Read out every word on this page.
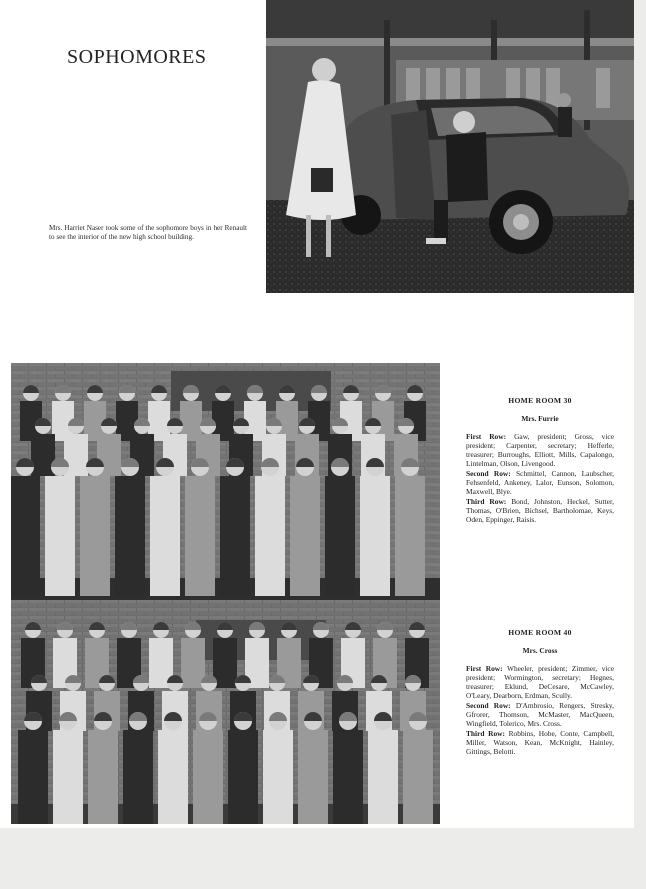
SOPHOMORES

Mrs. Harriet Naser took some of the sophomore boys in her Renault to see the interior of the new high school building.

HOME ROOM 30
Mrs. Furrie
First Row: Gaw, president; Gross, vice president; Carpenter, secretary; Hefferle, treasurer; Burroughs, Elliott, Mills, Capalongo, Lintelman, Olson, Livengood.
Second Row: Schmittel, Cannon, Laubscher, Fehsenfeld, Ankeney, Lalor, Eunson, Solomon, Maxwell, Blye.
Third Row: Bond, Johnston, Heckel, Sutter, Thomas, O'Brien, Bichsel, Bartholomae, Keys, Oden, Eppinger, Raisis.
HOME ROOM 40
Mrs. Cross
First Row: Wheeler, president; Zimmer, vice president; Wormington, secretary; Hegnes, treasurer; Eklund, DeCesare, McCawley, O'Leary, Dearborn, Erdman, Scully.
Second Row: D'Ambrosio, Rengers, Stresky, Gfrorer, Thomson, McMaster, MacQueen, Wingfield, Tolerico, Mrs. Cross.
Third Row: Robbins, Hobe, Conte, Campbell, Miller, Watson, Kean, McKnight, Hainley, Gittings, Belotti.
